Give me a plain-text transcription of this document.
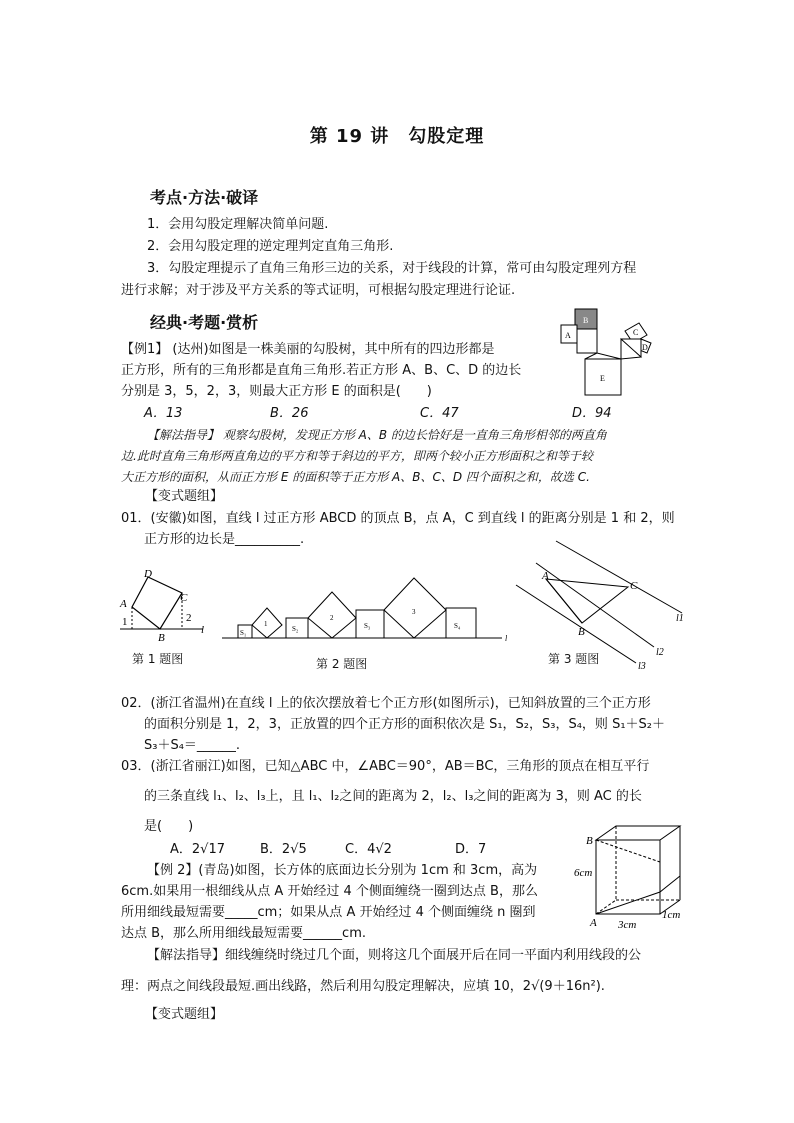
第 19 讲　勾股定理
考点·方法·破译
1．会用勾股定理解决简单问题.
2．会用勾股定理的逆定理判定直角三角形.
3．勾股定理提示了直角三角形三边的关系，对于线段的计算，常可由勾股定理列方程
进行求解；对于涉及平方关系的等式证明，可根据勾股定理进行论证.
经典·考题·赏析	B
A	C
D
E
【例1】 (达州)如图是一株美丽的勾股树，其中所有的四边形都是
正方形，所有的三角形都是直角三角形.若正方形 A、B、C、D 的边长
分别是 3，5，2，3，则最大正方形 E 的面积是(　　)
A．13	B．26	C．47	D．94
【解法指导】 观察勾股树，发现正方形 A、B 的边长恰好是一直角三角形相邻的两直角
边.此时直角三角形两直角边的平方和等于斜边的平方，即两个较小正方形面积之和等于较
大正方形的面积，从而正方形 E 的面积等于正方形 A、B、C、D 四个面积之和，故选 C.
【变式题组】
01．(安徽)如图，直线 l 过正方形 ABCD 的顶点 B，点 A，C 到直线 l 的距离分别是 1 和 2，则
正方形的边长是__________.
D
C
A
B
1	2
l
第 1 题图
S₁
1
S₂
2
S₃
3
S₄
l
第 2 题图
A
C
B
l1
l2
l3
第 3 题图
02．(浙江省温州)在直线 l 上的依次摆放着七个正方形(如图所示)，已知斜放置的三个正方形
的面积分别是 1，2，3，正放置的四个正方形的面积依次是 S₁，S₂，S₃，S₄，则 S₁＋S₂＋
S₃＋S₄＝______.
03．(浙江省丽江)如图，已知△ABC 中，∠ABC＝90°，AB＝BC，三角形的顶点在相互平行
的三条直线 l₁、l₂、l₃上，且 l₁、l₂之间的距离为 2，l₂、l₃之间的距离为 3，则 AC 的长
是(　　)
A．2√17	B．2√5	C．4√2	D．7
B
6cm
A 3cm
1cm
【例 2】(青岛)如图，长方体的底面边长分别为 1cm 和 3cm，高为
6cm.如果用一根细线从点 A 开始经过 4 个侧面缠绕一圈到达点 B，那么
所用细线最短需要_____cm；如果从点 A 开始经过 4 个侧面缠绕 n 圈到
达点 B，那么所用细线最短需要______cm.
【解法指导】细线缠绕时绕过几个面，则将这几个面展开后在同一平面内利用线段的公
理：两点之间线段最短.画出线路，然后利用勾股定理解决，应填 10，2√(9＋16n²).
【变式题组】
